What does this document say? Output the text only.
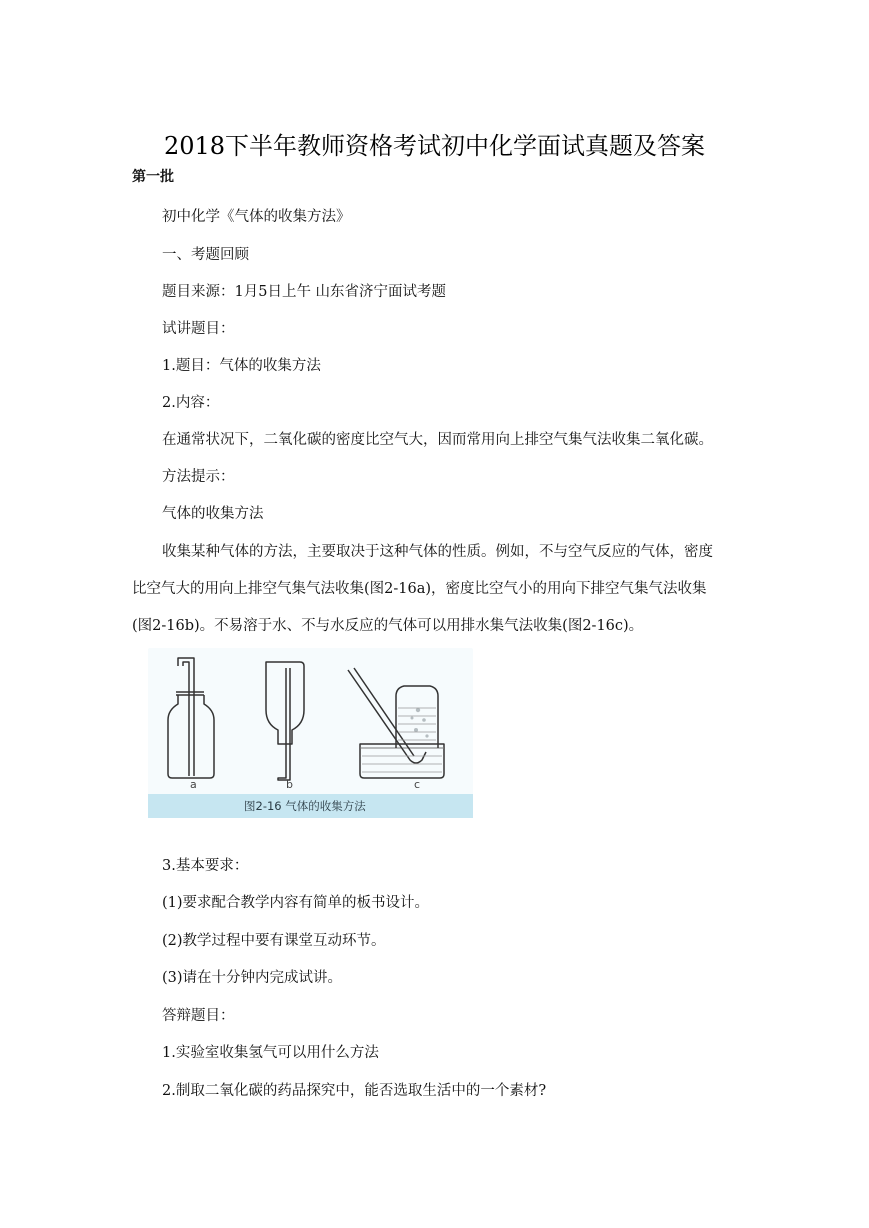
2018下半年教师资格考试初中化学面试真题及答案
第一批
初中化学《气体的收集方法》
一、考题回顾
题目来源：1月5日上午 山东省济宁面试考题
试讲题目：
1.题目：气体的收集方法
2.内容：
在通常状况下，二氧化碳的密度比空气大，因而常用向上排空气集气法收集二氧化碳。
方法提示：
气体的收集方法
收集某种气体的方法，主要取决于这种气体的性质。例如，不与空气反应的气体，密度
比空气大的用向上排空气集气法收集(图2-16a)，密度比空气小的用向下排空气集气法收集
(图2-16b)。不易溶于水、不与水反应的气体可以用排水集气法收集(图2-16c)。
a	b	c
图2-16 气体的收集方法
3.基本要求：
(1)要求配合教学内容有简单的板书设计。
(2)教学过程中要有课堂互动环节。
(3)请在十分钟内完成试讲。
答辩题目：
1.实验室收集氢气可以用什么方法
2.制取二氧化碳的药品探究中，能否选取生活中的一个素材?
